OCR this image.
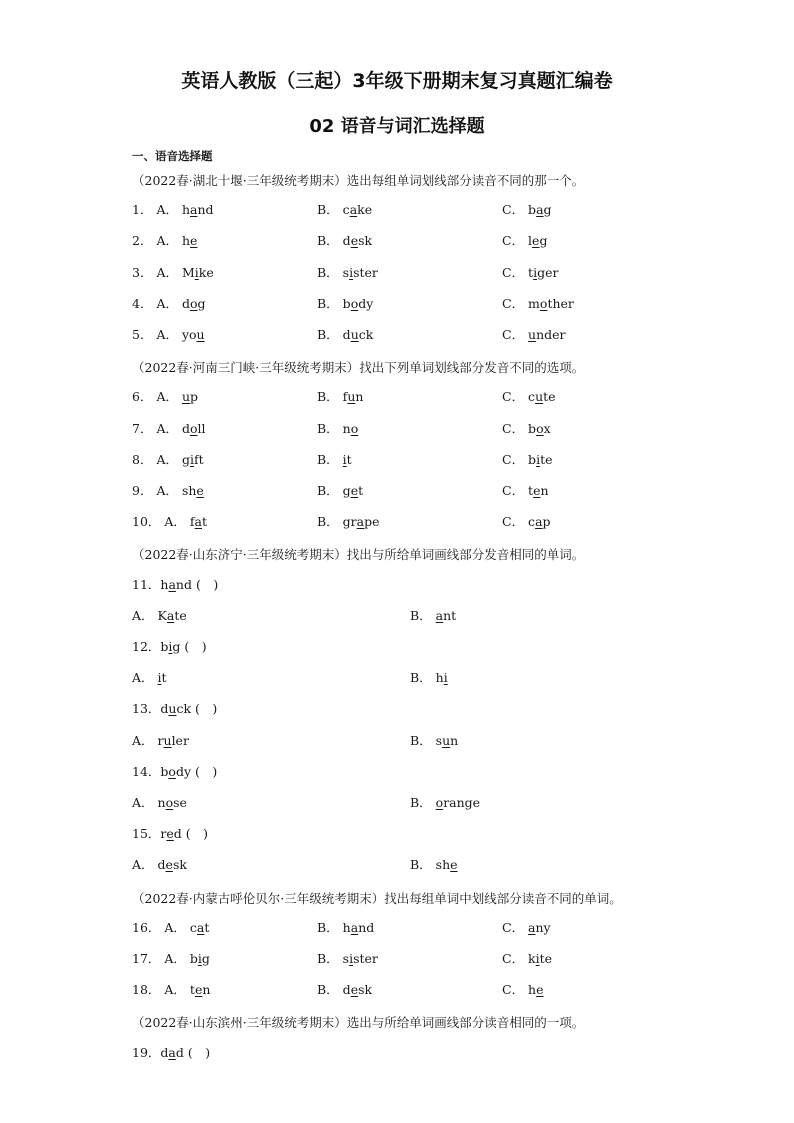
英语人教版（三起）3年级下册期末复习真题汇编卷
02 语音与词汇选择题
一、语音选择题
（2022春·湖北十堰·三年级统考期末）选出每组单词划线部分读音不同的那一个。
1． A． hand	B． cake	C． bag
2． A． he	B． desk	C． leg
3． A． Mike	B． sister	C． tiger
4． A． dog	B． body	C． mother
5． A． you	B． duck	C． under
（2022春·河南三门峡·三年级统考期末）找出下列单词划线部分发音不同的选项。
6． A． up	B． fun	C． cute
7． A． doll	B． no	C． box
8． A． gift	B． it	C． bite
9． A． she	B． get	C． ten
10． A． fat	B． grape	C． cap
（2022春·山东济宁·三年级统考期末）找出与所给单词画线部分发音相同的单词。
11．hand (　)
A． Kate	B． ant
12．big (　)
A． it	B． hi
13．duck (　)
A． ruler	B． sun
14．body (　)
A． nose	B． orange
15．red (　)
A． desk	B． she
（2022春·内蒙古呼伦贝尔·三年级统考期末）找出每组单词中划线部分读音不同的单词。
16． A． cat	B． hand	C． any
17． A． big	B． sister	C． kite
18． A． ten	B． desk	C． he
（2022春·山东滨州·三年级统考期末）选出与所给单词画线部分读音相同的一项。
19．dad (　)
